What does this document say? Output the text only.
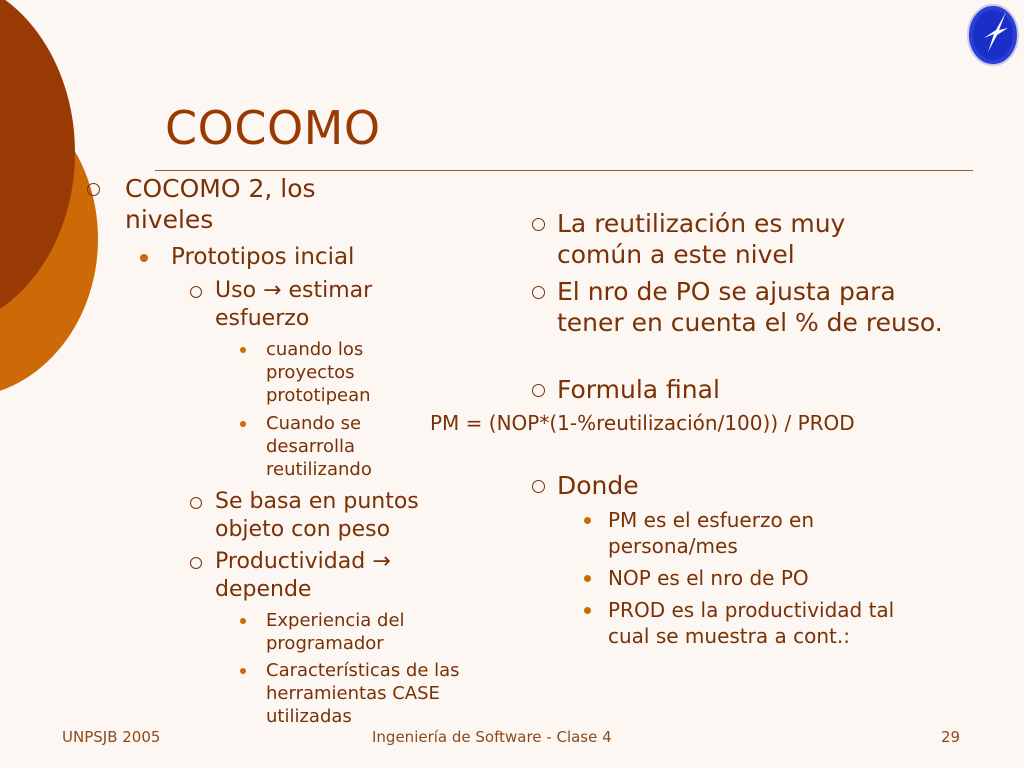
COCOMO
COCOMO 2, los niveles
Prototipos incial
Uso → estimar esfuerzo
cuando los proyectos prototipean
Cuando se desarrolla reutilizando
Se basa en puntos objeto con peso
Productividad → depende
Experiencia del programador
Características de las herramientas CASE utilizadas
La reutilización es muy común a este nivel
El nro de PO se ajusta para tener en cuenta el % de reuso.
Formula final
PM = (NOP*(1-%reutilización/100)) / PROD
Donde
PM es el esfuerzo en persona/mes
NOP es el nro de PO
PROD es la productividad tal cual se muestra a cont.:
UNPSJB 2005	Ingeniería de Software - Clase 4	29
